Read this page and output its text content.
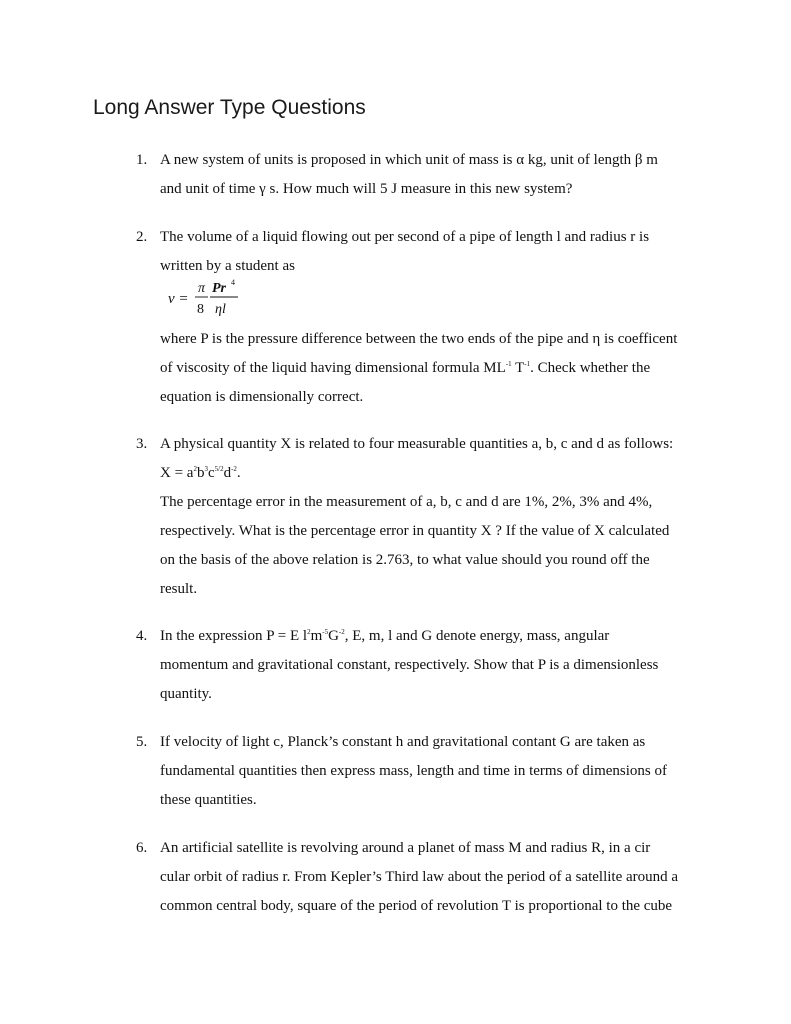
Long Answer Type Questions
1. A new system of units is proposed in which unit of mass is α kg, unit of length β m
and unit of time γ s. How much will 5 J measure in this new system?
2. The volume of a liquid flowing out per second of a pipe of length l and radius r is
written by a student as
v =
π
8
Pr 4
ηl
where P is the pressure difference between the two ends of the pipe and η is coefficent
of viscosity of the liquid having dimensional formula $ML^{-1}$ $T^{-1}$. Check whether the
equation is dimensionally correct.
3. A physical quantity X is related to four measurable quantities a, b, c and d as follows:
$X = a^2b^3c^{5/2}d^{-2}$.
The percentage error in the measurement of a, b, c and d are 1%, 2%, 3% and 4%,
respectively. What is the percentage error in quantity X ? If the value of X calculated
on the basis of the above relation is 2.763, to what value should you round off the
result.
4. In the expression P = E $l^2m^{-5}G^{-2}$, E, m, l and G denote energy, mass, angular
momentum and gravitational constant, respectively. Show that P is a dimensionless
quantity.
5. If velocity of light c, Planck’s constant h and gravitational contant G are taken as
fundamental quantities then express mass, length and time in terms of dimensions of
these quantities.
6. An artificial satellite is revolving around a planet of mass M and radius R, in a cir
cular orbit of radius r. From Kepler’s Third law about the period of a satellite around a
common central body, square of the period of revolution T is proportional to the cube
